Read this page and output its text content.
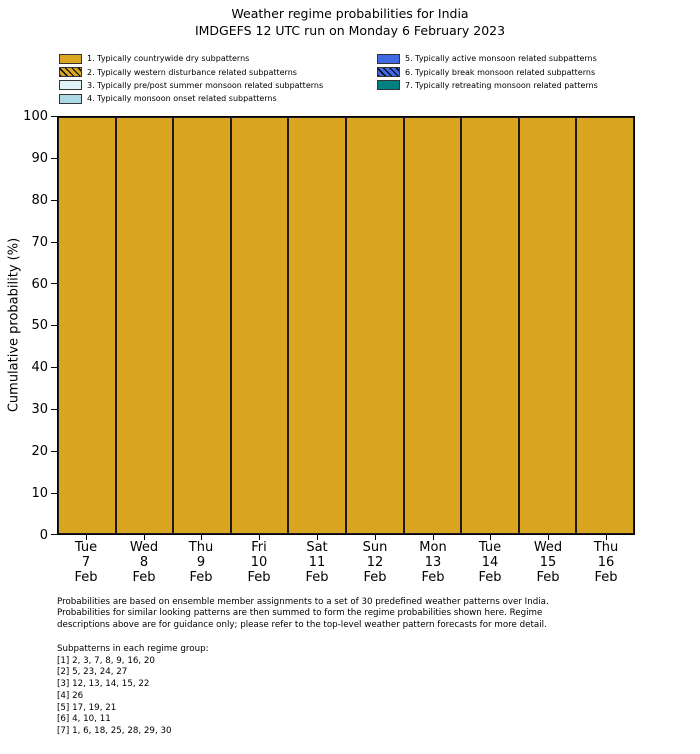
Weather regime probabilities for India
IMDGEFS 12 UTC run on Monday 6 February 2023
1. Typically countrywide dry subpatterns
2. Typically western disturbance related subpatterns
3. Typically pre/post summer monsoon related subpatterns
4. Typically monsoon onset related subpatterns
5. Typically active monsoon related subpatterns
6. Typically break monsoon related subpatterns
7. Typically retreating monsoon related patterns
Cumulative probability (%)
100
90
80
70
60
50
40
30
20
10
0
Tue
7
Feb
Wed
8
Feb
Thu
9
Feb
Fri
10
Feb
Sat
11
Feb
Sun
12
Feb
Mon
13
Feb
Tue
14
Feb
Wed
15
Feb
Thu
16
Feb
Probabilities are based on ensemble member assignments to a set of 30 predefined weather patterns over India.
Probabilities for similar looking patterns are then summed to form the regime probabilities shown here. Regime
descriptions above are for guidance only; please refer to the top-level weather pattern forecasts for more detail.
Subpatterns in each regime group:
[1] 2, 3, 7, 8, 9, 16, 20
[2] 5, 23, 24, 27
[3] 12, 13, 14, 15, 22
[4] 26
[5] 17, 19, 21
[6] 4, 10, 11
[7] 1, 6, 18, 25, 28, 29, 30
